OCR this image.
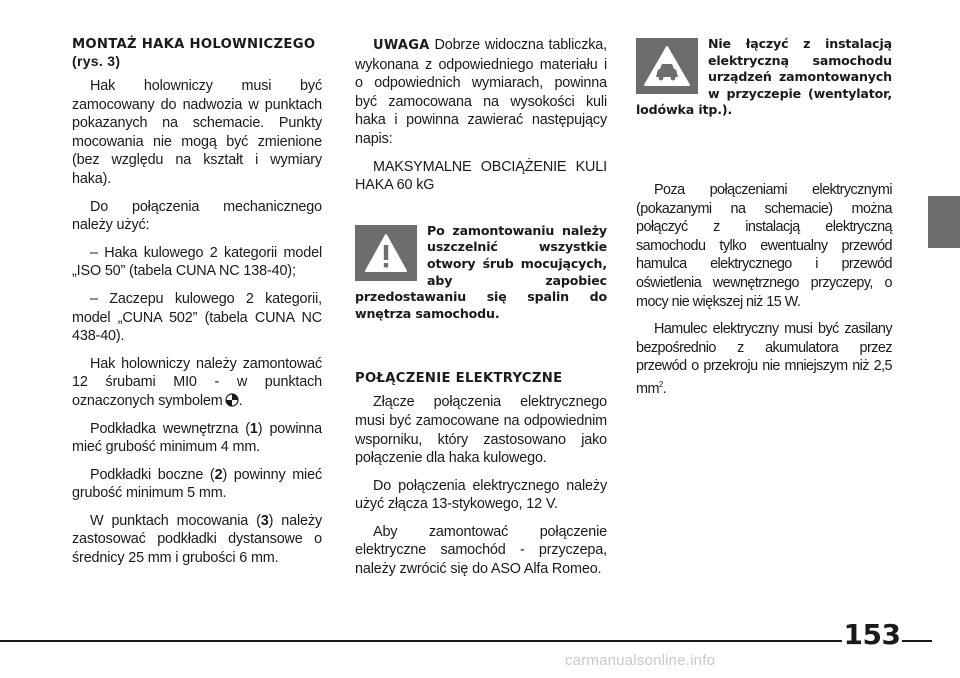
MONTAŻ HAKA HOLOWNICZEGO (rys. 3)

Hak holowniczy musi być zamocowany do nadwozia w punktach pokazanych na schemacie. Punkty mocowania nie mogą być zmienione (bez względu na kształt i wymiary haka).

Do połączenia mechanicznego należy użyć:

– Haka kulowego 2 kategorii model „ISO 50” (tabela CUNA NC 138-40);

– Zaczepu kulowego 2 kategorii, model „CUNA 502” (tabela CUNA NC 438-40).

Hak holowniczy należy zamontować 12 śrubami MI0 - w punktach oznaczonych symbolem .

Podkładka wewnętrzna (1) powinna mieć grubość minimum 4 mm.

Podkładki boczne (2) powinny mieć grubość minimum 5 mm.

W punktach mocowania (3) należy zastosować podkładki dystansowe o średnicy 25 mm i grubości 6 mm.

UWAGA Dobrze widoczna tabliczka, wykonana z odpowiedniego materiału i o odpowiednich wymiarach, powinna być zamocowana na wysokości kuli haka i powinna zawierać następujący napis:

MAKSYMALNE OBCIĄŻENIE KULI HAKA 60 kG

Po zamontowaniu należy uszczelnić wszystkie otwory śrub mocujących, aby zapobiec przedostawaniu się spalin do wnętrza samochodu.

POŁĄCZENIE ELEKTRYCZNE

Złącze połączenia elektrycznego musi być zamocowane na odpowiednim wsporniku, który zastosowano jako połączenie dla haka kulowego.

Do połączenia elektrycznego należy użyć złącza 13-stykowego, 12 V.

Aby zamontować połączenie elektryczne samochód - przyczepa, należy zwrócić się do ASO Alfa Romeo.

Nie łączyć z instalacją elektryczną samochodu urządzeń zamontowanych w przyczepie (wentylator, lodówka itp.).

Poza połączeniami elektrycznymi (pokazanymi na schemacie) można połączyć z instalacją elektryczną samochodu tylko ewentualny przewód hamulca elektrycznego i przewód oświetlenia wewnętrznego przyczepy, o mocy nie większej niż 15 W.

Hamulec elektryczny musi być zasilany bezpośrednio z akumulatora przez przewód o przekroju nie mniejszym niż 2,5 $mm^2$.

153
carmanualsonline.info
